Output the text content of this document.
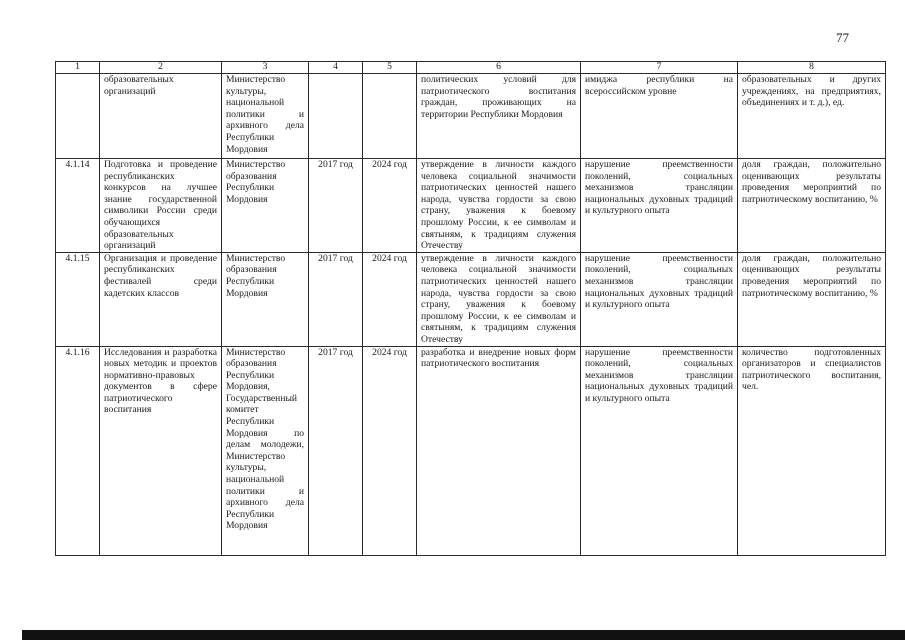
77
1	2	3	4	5	6	7	8
	образовательных организаций	Министерство культуры, национальной политики и архивного дела Республики Мордовия			политических условий для патриотического воспитания граждан, проживающих на территории Республики Мордовия	имиджа республики на всероссийском уровне	образовательных и других учреждениях, на предприятиях, объединениях и т. д.), ед.
4.1.14	Подготовка и проведение республиканских конкурсов на лучшее знание государственной символики России среди обучающихся образовательных организаций	Министерство образования Республики Мордовия	2017 год	2024 год	утверждение в личности каждого человека социальной значимости патриотических ценностей нашего народа, чувства гордости за свою страну, уважения к боевому прошлому России, к ее символам и святыням, к традициям служения Отечеству	нарушение преемственности поколений, социальных механизмов трансляции национальных духовных традиций и культурного опыта	доля граждан, положительно оценивающих результаты проведения мероприятий по патриотическому воспитанию, %
4.1.15	Организация и проведение республиканских фестивалей среди кадетских классов	Министерство образования Республики Мордовия	2017 год	2024 год	утверждение в личности каждого человека социальной значимости патриотических ценностей нашего народа, чувства гордости за свою страну, уважения к боевому прошлому России, к ее символам и святыням, к традициям служения Отечеству	нарушение преемственности поколений, социальных механизмов трансляции национальных духовных традиций и культурного опыта	доля граждан, положительно оценивающих результаты проведения мероприятий по патриотическому воспитанию, %
4.1.16	Исследования и разработка новых методик и проектов нормативно-правовых документов в сфере патриотического воспитания	Министерство образования Республики Мордовия, Государственный комитет Республики Мордовия по делам молодежи, Министерство культуры, национальной политики и архивного дела Республики Мордовия	2017 год	2024 год	разработка и внедрение новых форм патриотического воспитания	нарушение преемственности поколений, социальных механизмов трансляции национальных духовных традиций и культурного опыта	количество подготовленных организаторов и специалистов патриотического воспитания, чел.
